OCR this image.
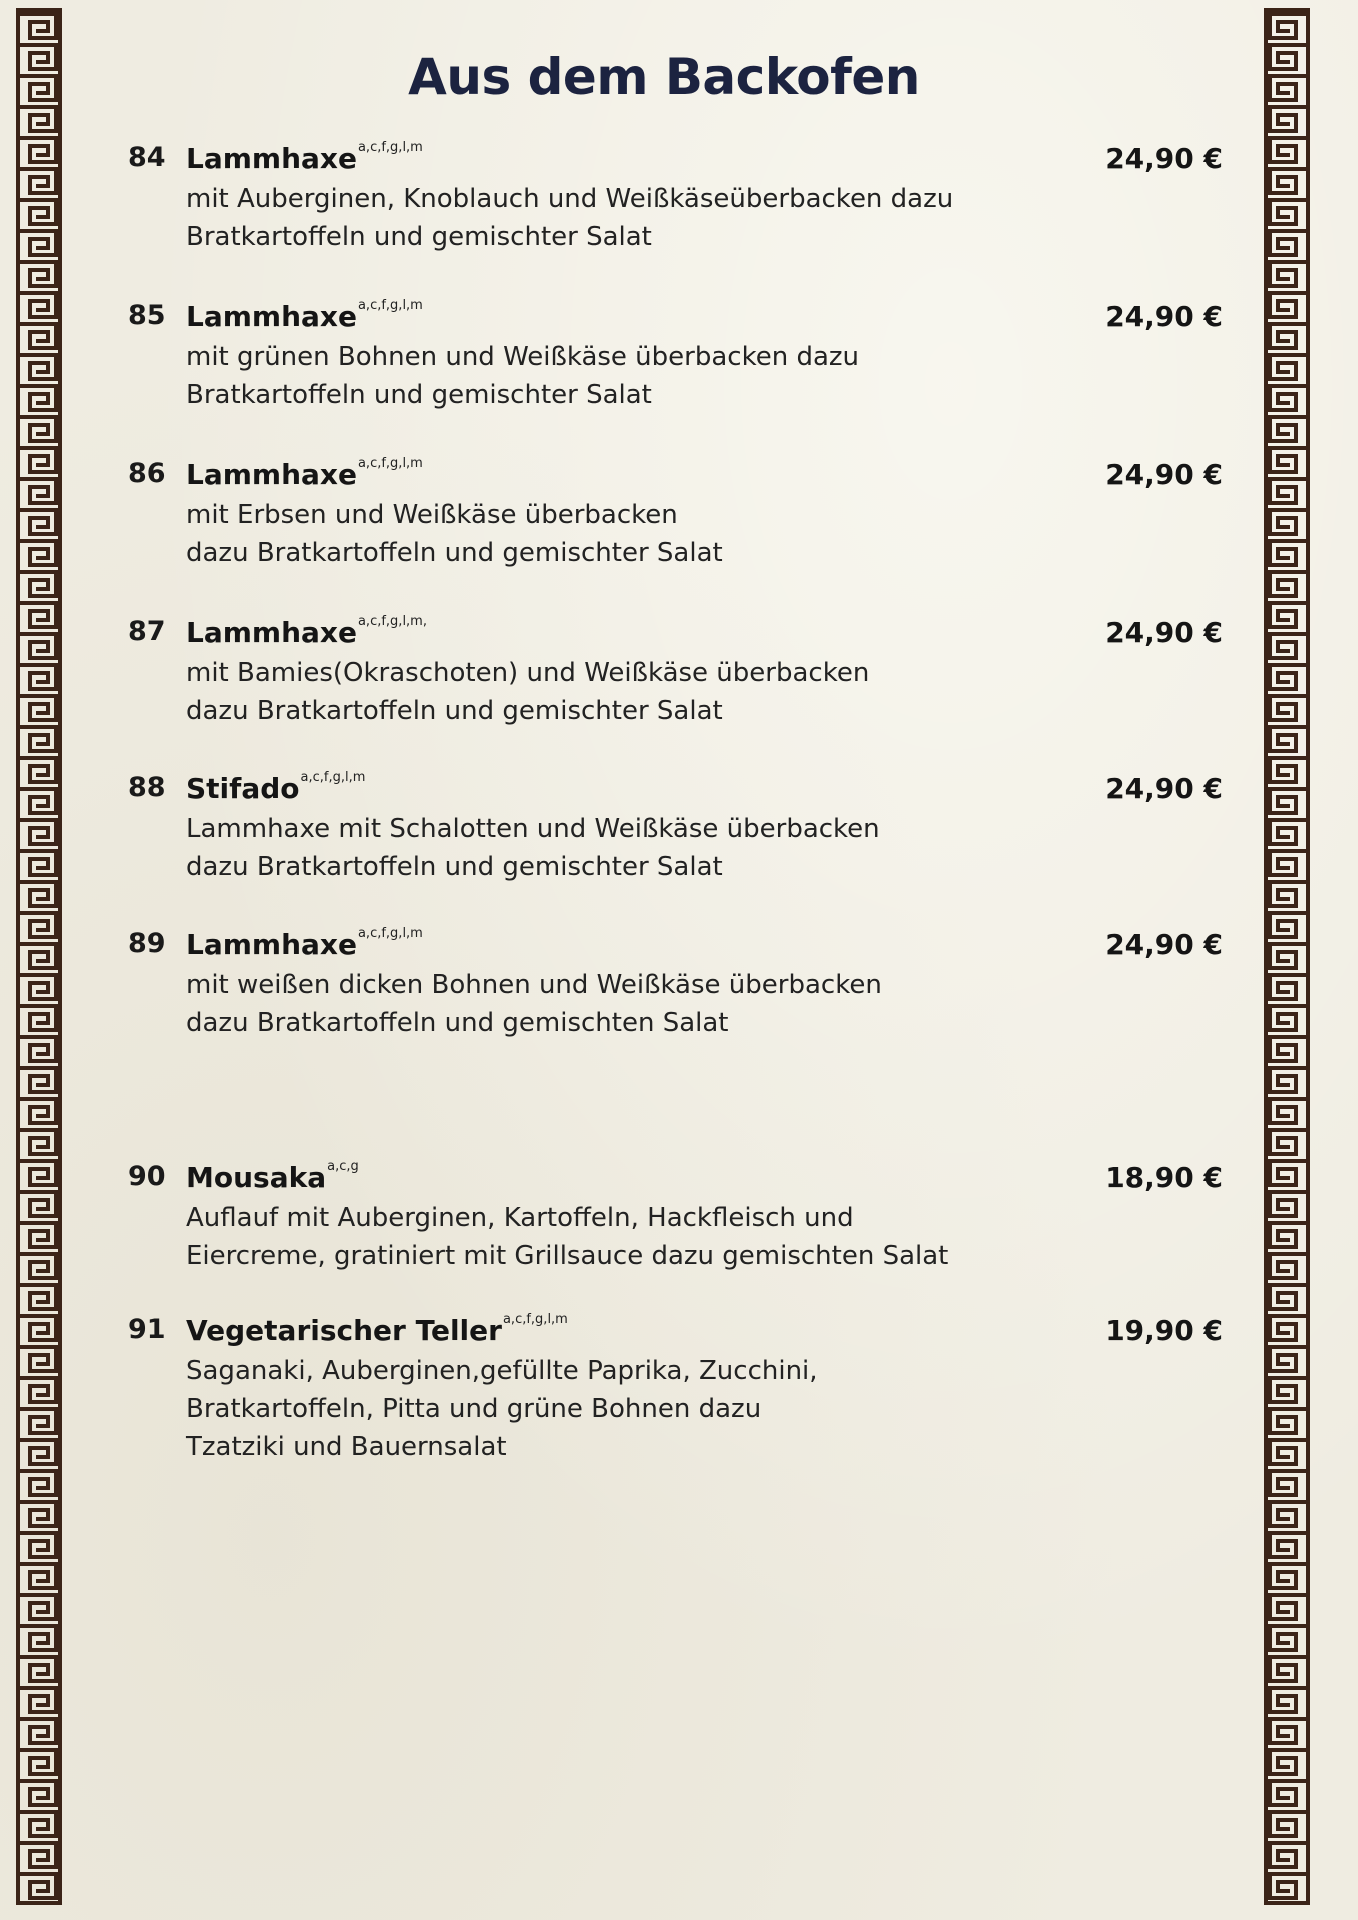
Aus dem Backofen
84 Lammhaxe$^{a,c,f,g,l,m}$	24,90 €
mit Auberginen, Knoblauch und Weißkäseüberbacken dazu
Bratkartoffeln und gemischter Salat
85 Lammhaxe$^{a,c,f,g,l,m}$	24,90 €
mit grünen Bohnen und Weißkäse überbacken dazu
Bratkartoffeln und gemischter Salat
86 Lammhaxe$^{a,c,f,g,l,m}$	24,90 €
mit Erbsen und Weißkäse überbacken
dazu Bratkartoffeln und gemischter Salat
87 Lammhaxe$^{a,c,f,g,l,m,}$	24,90 €
mit Bamies(Okraschoten) und Weißkäse überbacken
dazu Bratkartoffeln und gemischter Salat
88 Stifado$^{a,c,f,g,l,m}$	24,90 €
Lammhaxe mit Schalotten und Weißkäse überbacken
dazu Bratkartoffeln und gemischter Salat
89 Lammhaxe$^{a,c,f,g,l,m}$	24,90 €
mit weißen dicken Bohnen und Weißkäse überbacken
dazu Bratkartoffeln und gemischten Salat
90 Mousaka$^{a,c,g}$	18,90 €
Auflauf mit Auberginen, Kartoffeln, Hackfleisch und
Eiercreme, gratiniert mit Grillsauce dazu gemischten Salat
91 Vegetarischer Teller$^{a,c,f,g,l,m}$	19,90 €
Saganaki, Auberginen,gefüllte Paprika, Zucchini,
Bratkartoffeln, Pitta und grüne Bohnen dazu
Tzatziki und Bauernsalat
